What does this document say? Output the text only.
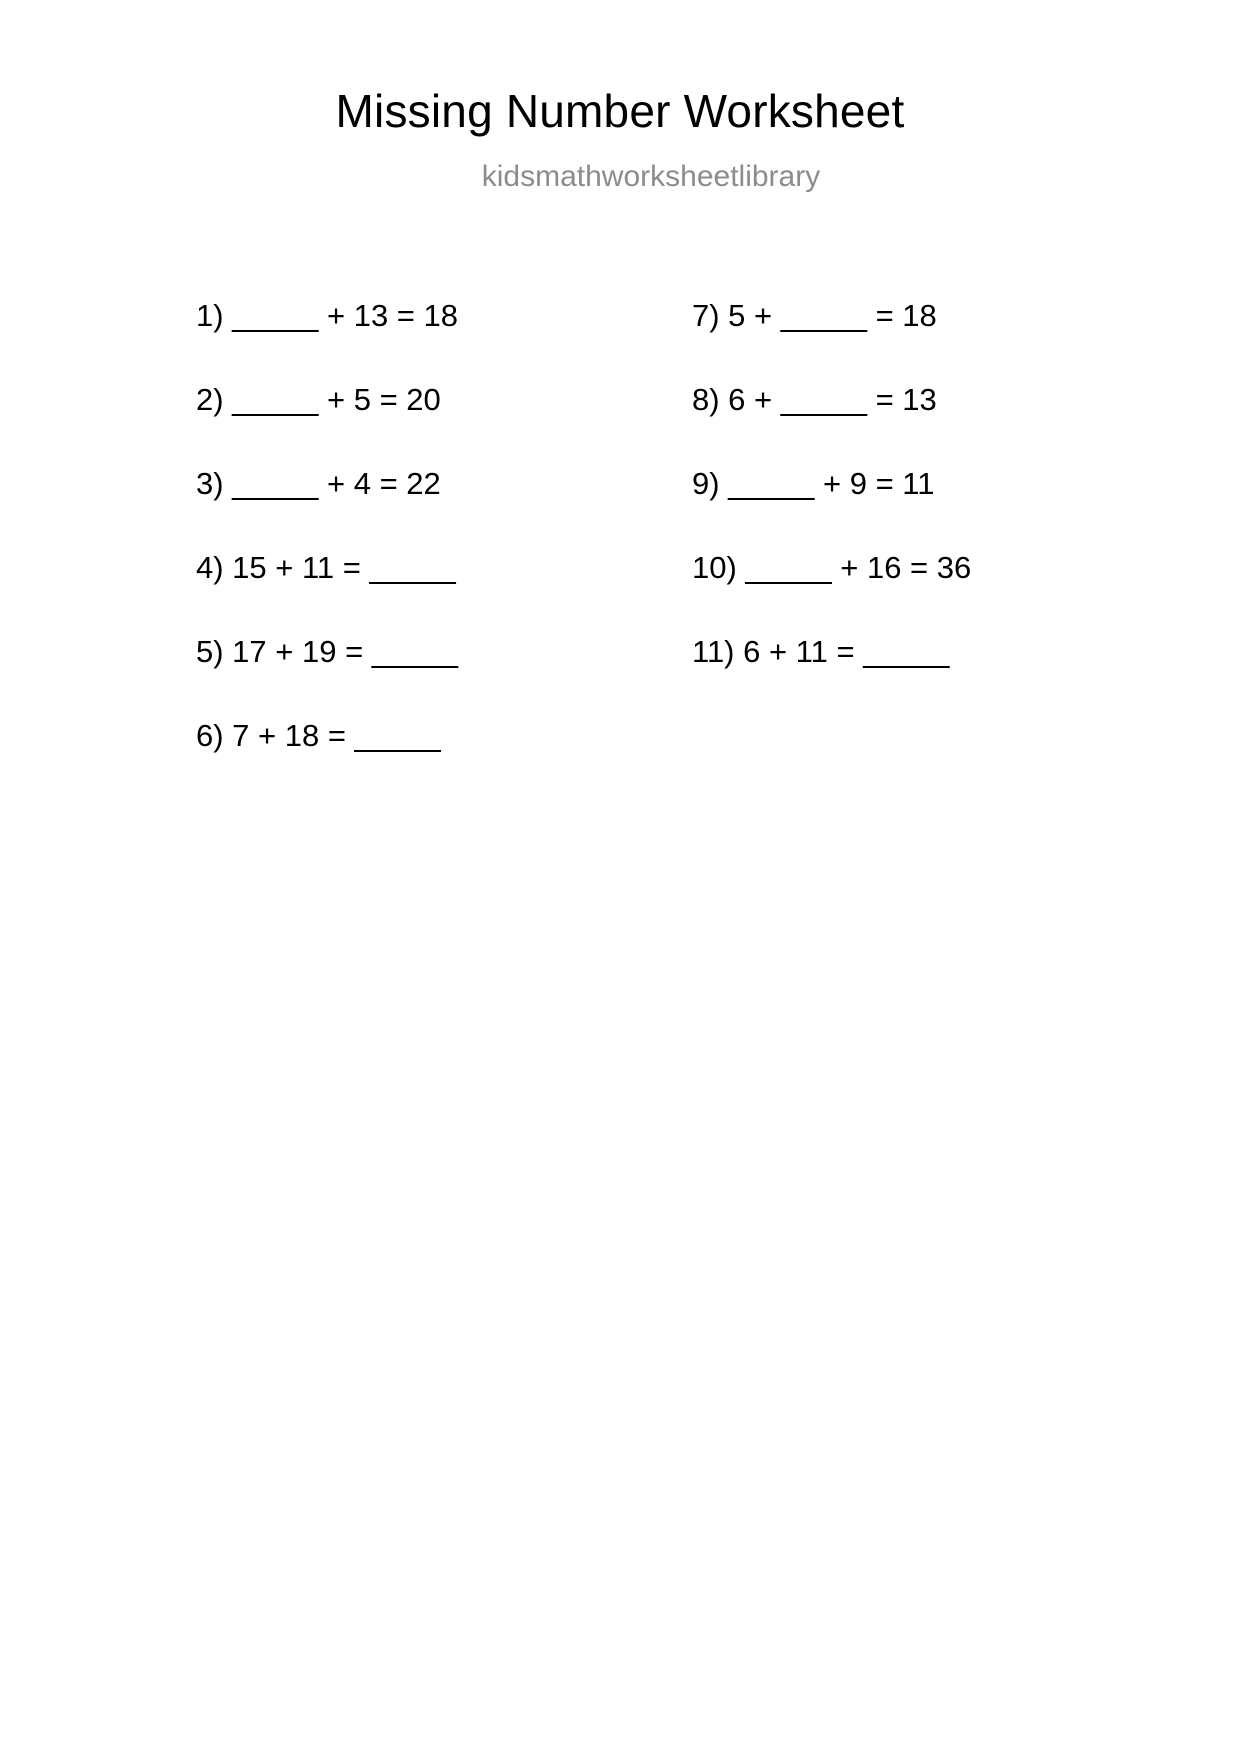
Missing Number Worksheet
kidsmathworksheetlibrary
1) _____ + 13 = 18
2) _____ + 5 = 20
3) _____ + 4 = 22
4) 15 + 11 = _____
5) 17 + 19 = _____
6) 7 + 18 = _____
7) 5 + _____ = 18
8) 6 + _____ = 13
9) _____ + 9 = 11
10) _____ + 16 = 36
11) 6 + 11 = _____
